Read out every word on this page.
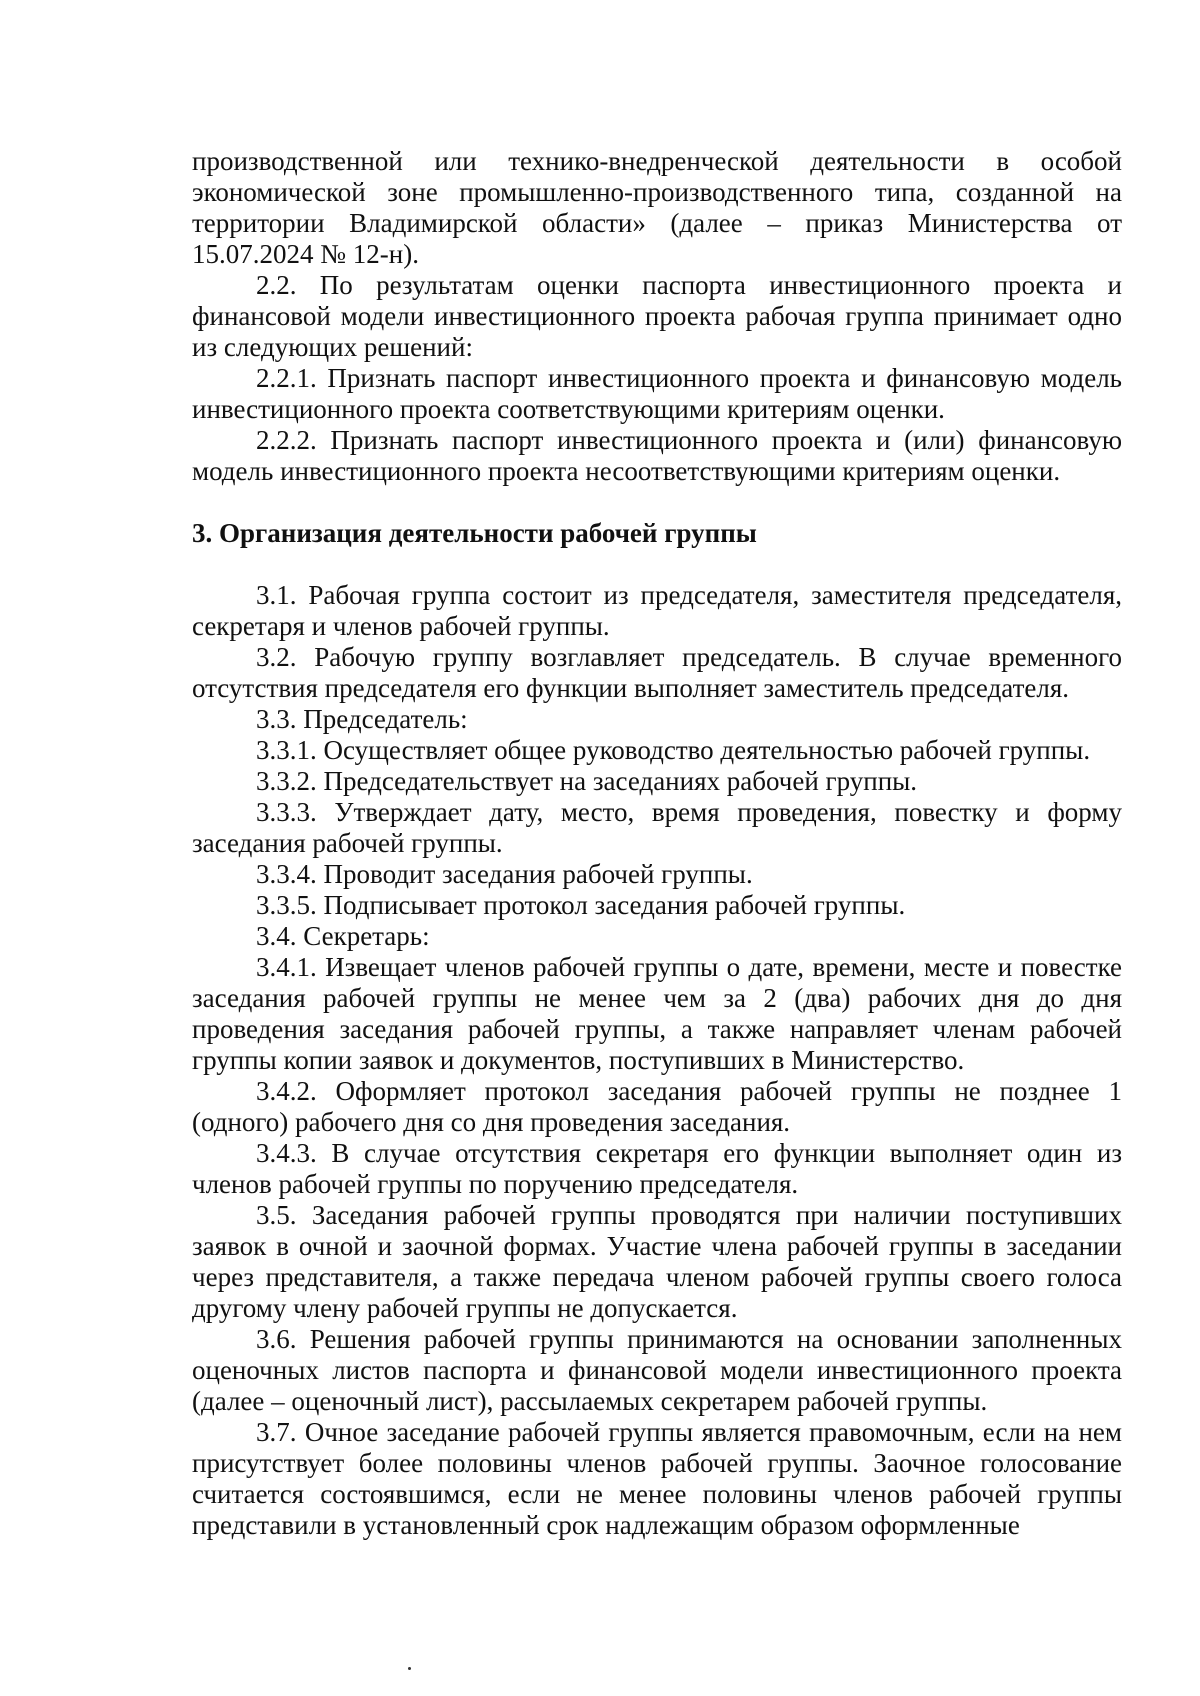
производственной или технико-внедренческой деятельности в особой экономической зоне промышленно-производственного типа, созданной на территории Владимирской области» (далее – приказ Министерства от 15.07.2024 № 12-н).
2.2. По результатам оценки паспорта инвестиционного проекта и финансовой модели инвестиционного проекта рабочая группа принимает одно из следующих решений:
2.2.1. Признать паспорт инвестиционного проекта и финансовую модель инвестиционного проекта соответствующими критериям оценки.
2.2.2. Признать паспорт инвестиционного проекта и (или) финансовую модель инвестиционного проекта несоответствующими критериям оценки.
3. Организация деятельности рабочей группы
3.1. Рабочая группа состоит из председателя, заместителя председателя, секретаря и членов рабочей группы.
3.2. Рабочую группу возглавляет председатель. В случае временного отсутствия председателя его функции выполняет заместитель председателя.
3.3. Председатель:
3.3.1. Осуществляет общее руководство деятельностью рабочей группы.
3.3.2. Председательствует на заседаниях рабочей группы.
3.3.3. Утверждает дату, место, время проведения, повестку и форму заседания рабочей группы.
3.3.4. Проводит заседания рабочей группы.
3.3.5. Подписывает протокол заседания рабочей группы.
3.4. Секретарь:
3.4.1. Извещает членов рабочей группы о дате, времени, месте и повестке заседания рабочей группы не менее чем за 2 (два) рабочих дня до дня проведения заседания рабочей группы, а также направляет членам рабочей группы копии заявок и документов, поступивших в Министерство.
3.4.2. Оформляет протокол заседания рабочей группы не позднее 1 (одного) рабочего дня со дня проведения заседания.
3.4.3. В случае отсутствия секретаря его функции выполняет один из членов рабочей группы по поручению председателя.
3.5. Заседания рабочей группы проводятся при наличии поступивших заявок в очной и заочной формах. Участие члена рабочей группы в заседании через представителя, а также передача членом рабочей группы своего голоса другому члену рабочей группы не допускается.
3.6. Решения рабочей группы принимаются на основании заполненных оценочных листов паспорта и финансовой модели инвестиционного проекта (далее – оценочный лист), рассылаемых секретарем рабочей группы.
3.7. Очное заседание рабочей группы является правомочным, если на нем присутствует более половины членов рабочей группы. Заочное голосование считается состоявшимся, если не менее половины членов рабочей группы представили в установленный срок надлежащим образом оформленные
